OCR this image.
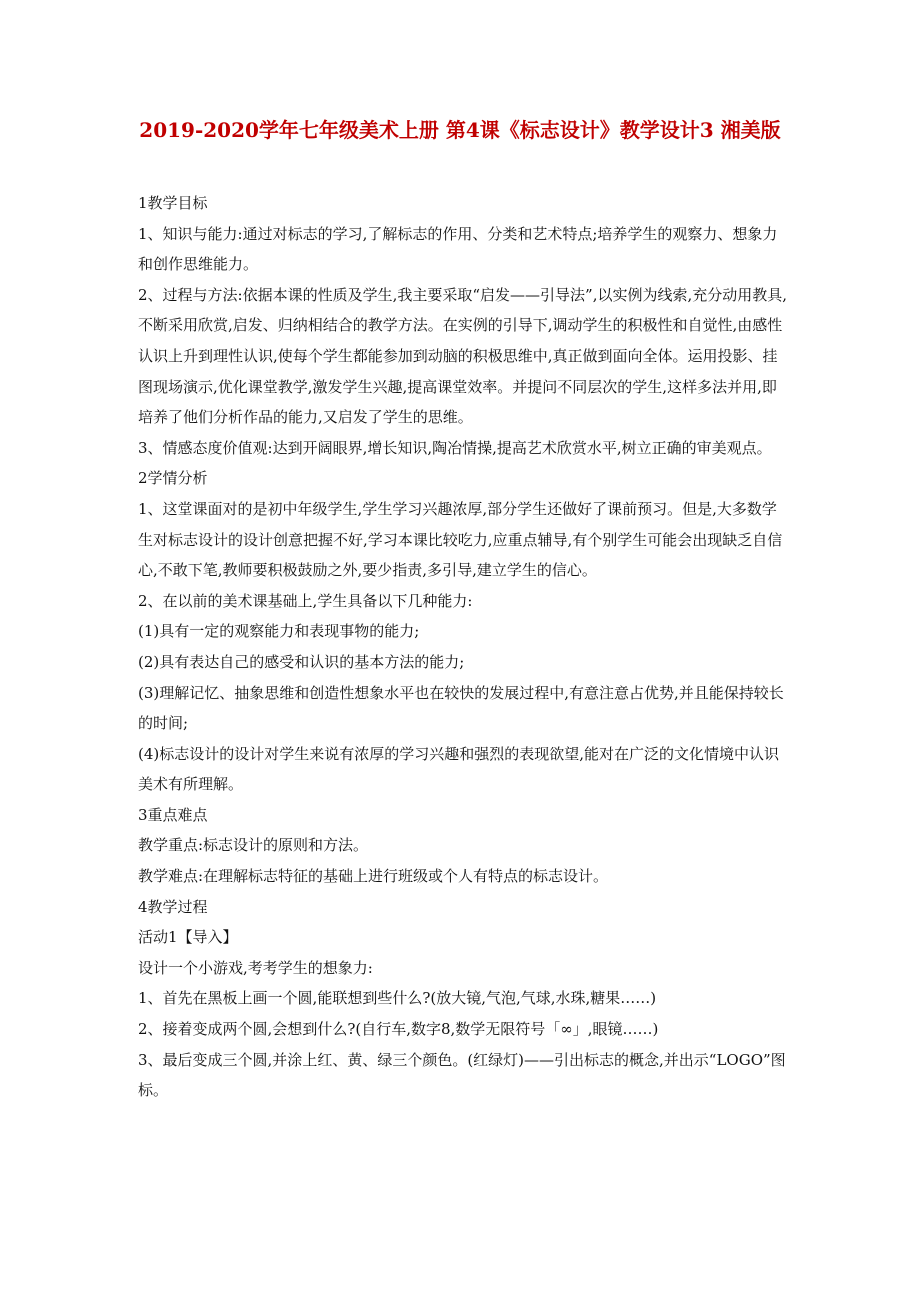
2019-2020学年七年级美术上册 第4课《标志设计》教学设计3 湘美版

1教学目标

1、知识与能力:通过对标志的学习,了解标志的作用、分类和艺术特点;培养学生的观察力、想象力和创作思维能力。

2、过程与方法:依据本课的性质及学生,我主要采取“启发——引导法”,以实例为线索,充分动用教具,不断采用欣赏,启发、归纳相结合的教学方法。在实例的引导下,调动学生的积极性和自觉性,由感性认识上升到理性认识,使每个学生都能参加到动脑的积极思维中,真正做到面向全体。运用投影、挂图现场演示,优化课堂教学,激发学生兴趣,提高课堂效率。并提问不同层次的学生,这样多法并用,即培养了他们分析作品的能力,又启发了学生的思维。

3、情感态度价值观:达到开阔眼界,增长知识,陶冶情操,提高艺术欣赏水平,树立正确的审美观点。

2学情分析

1、这堂课面对的是初中年级学生,学生学习兴趣浓厚,部分学生还做好了课前预习。但是,大多数学生对标志设计的设计创意把握不好,学习本课比较吃力,应重点辅导,有个别学生可能会出现缺乏自信心,不敢下笔,教师要积极鼓励之外,要少指责,多引导,建立学生的信心。

2、在以前的美术课基础上,学生具备以下几种能力:

(1)具有一定的观察能力和表现事物的能力;

(2)具有表达自己的感受和认识的基本方法的能力;

(3)理解记忆、抽象思维和创造性想象水平也在较快的发展过程中,有意注意占优势,并且能保持较长的时间;

(4)标志设计的设计对学生来说有浓厚的学习兴趣和强烈的表现欲望,能对在广泛的文化情境中认识美术有所理解。

3重点难点

教学重点:标志设计的原则和方法。

教学难点:在理解标志特征的基础上进行班级或个人有特点的标志设计。

4教学过程

活动1【导入】

设计一个小游戏,考考学生的想象力:

1、首先在黑板上画一个圆,能联想到些什么?(放大镜,气泡,气球,水珠,糖果……)

2、接着变成两个圆,会想到什么?(自行车,数字8,数学无限符号「∞」,眼镜……)

3、最后变成三个圆,并涂上红、黄、绿三个颜色。(红绿灯)——引出标志的概念,并出示“LOGO”图标。
